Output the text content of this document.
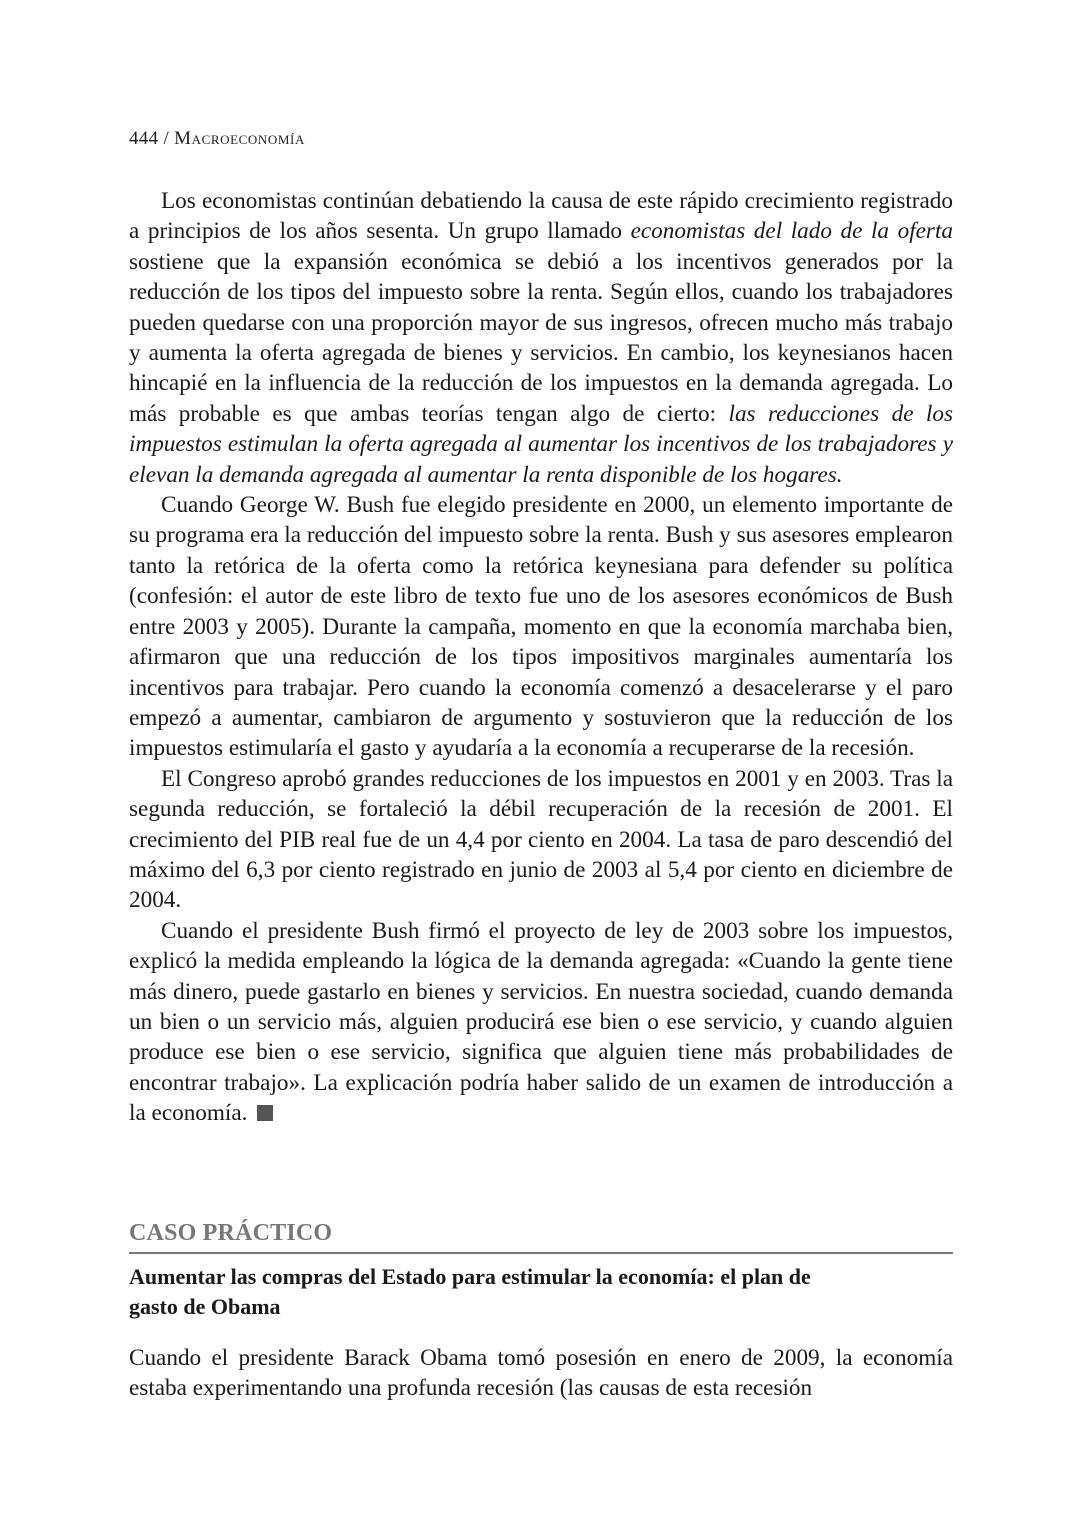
444 / Macroeconomía

Los economistas continúan debatiendo la causa de este rápido crecimiento registrado a principios de los años sesenta. Un grupo llamado economistas del lado de la oferta sostiene que la expansión económica se debió a los incentivos generados por la reducción de los tipos del impuesto sobre la renta. Según ellos, cuando los trabajadores pueden quedarse con una proporción mayor de sus ingresos, ofrecen mucho más trabajo y aumenta la oferta agregada de bienes y servicios. En cambio, los keynesianos hacen hincapié en la influencia de la reducción de los impuestos en la demanda agregada. Lo más probable es que ambas teorías tengan algo de cierto: las reducciones de los impuestos estimulan la oferta agregada al aumentar los incentivos de los trabajadores y elevan la demanda agregada al aumentar la renta disponible de los hogares.

Cuando George W. Bush fue elegido presidente en 2000, un elemento importante de su programa era la reducción del impuesto sobre la renta. Bush y sus asesores emplearon tanto la retórica de la oferta como la retórica keynesiana para defender su política (confesión: el autor de este libro de texto fue uno de los asesores económicos de Bush entre 2003 y 2005). Durante la campaña, momento en que la economía marchaba bien, afirmaron que una reducción de los tipos impositivos marginales aumentaría los incentivos para trabajar. Pero cuando la economía comenzó a desacelerarse y el paro empezó a aumentar, cambiaron de argumento y sostuvieron que la reducción de los impuestos estimularía el gasto y ayudaría a la economía a recuperarse de la recesión.

El Congreso aprobó grandes reducciones de los impuestos en 2001 y en 2003. Tras la segunda reducción, se fortaleció la débil recuperación de la recesión de 2001. El crecimiento del PIB real fue de un 4,4 por ciento en 2004. La tasa de paro descendió del máximo del 6,3 por ciento registrado en junio de 2003 al 5,4 por ciento en diciembre de 2004.

Cuando el presidente Bush firmó el proyecto de ley de 2003 sobre los impuestos, explicó la medida empleando la lógica de la demanda agregada: «Cuando la gente tiene más dinero, puede gastarlo en bienes y servicios. En nuestra sociedad, cuando demanda un bien o un servicio más, alguien producirá ese bien o ese servicio, y cuando alguien produce ese bien o ese servicio, significa que alguien tiene más probabilidades de encontrar trabajo». La explicación podría haber salido de un examen de introducción a la economía.

CASO PRÁCTICO
Aumentar las compras del Estado para estimular la economía: el plan de gasto de Obama

Cuando el presidente Barack Obama tomó posesión en enero de 2009, la economía estaba experimentando una profunda recesión (las causas de esta recesión
